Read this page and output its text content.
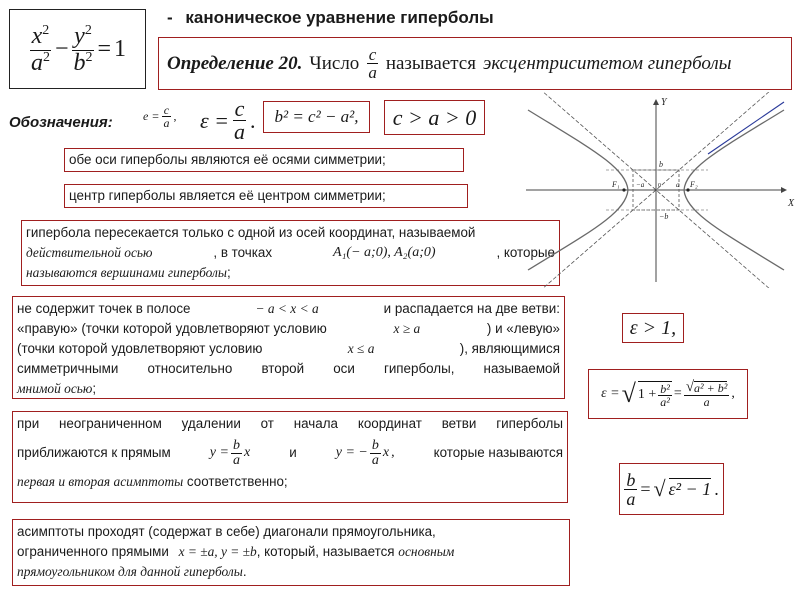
- каноническое уравнение гиперболы
$\frac{x^2}{a^2} - \frac{y^2}{b^2} = 1$
Определение 20. Число $\frac{c}{a}$ называется эксцентриситетом гиперболы
Обозначения:	$e = \frac{c}{a}$ , $\varepsilon = \frac{c}{a}$ . b² = c² − a², c > a > 0
обе оси гиперболы являются её осями симметрии;
центр гиперболы является её центром симметрии;
гипербола пересекается только с одной из осей координат, называемой
действительной осью	, в точках	A₁(− a;0), A₂(a;0)	, которые
называются вершинами гиперболы;
не содержит точек в полосе	− a < x < a	и распадается на две ветви:
«правую» (точки которой удовлетворяют условию	x ≥ a	) и «левую»
(точки которой удовлетворяют условию	x ≤ a	), являющимися
симметричными относительно второй оси гиперболы, называемой
мнимой осью;
при неограниченном удалении от начала координат ветви гиперболы
приближаются к прямым	$y = \frac{b}{a}$ x	и	y = − $\frac{b}{a}$ x ,	которые называются
первая и вторая асимптоты соответственно;
асимптоты проходят (содержат в себе) диагонали прямоугольника,
ограниченного прямыми x = ±a, y = ±b, который, называется основным
прямоугольником для данной гиперболы.
ε > 1,
ε = √ $1 + \frac{\text{b²}}{\text{a²}} = \frac{\text{√ a² + b²}}{a}$ ,
$\frac{b}{a}$ = √ ε² − 1 .
X
Y
b
−b
F₁	F₂
−a	a
0
